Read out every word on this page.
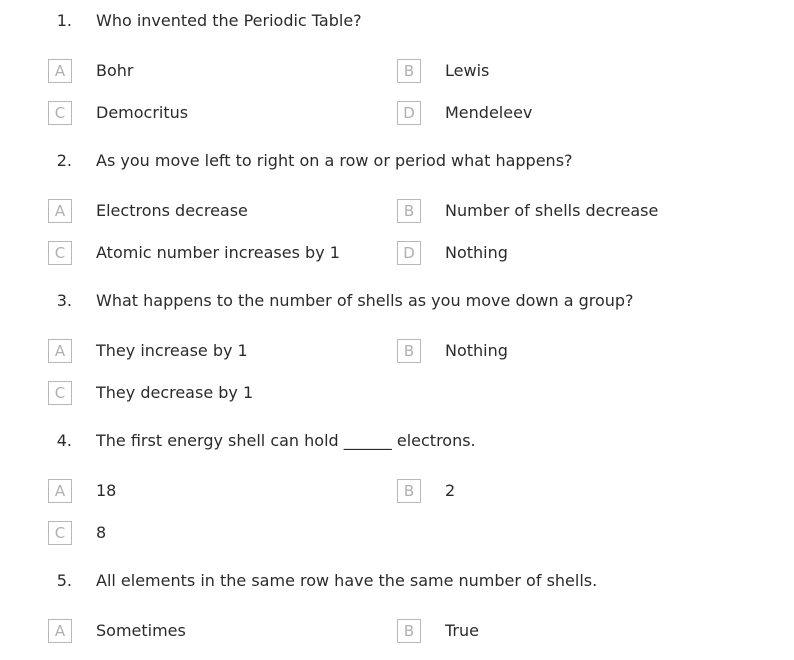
1. Who invented the Periodic Table?
A	Bohr	B	Lewis
C	Democritus	D	Mendeleev
2. As you move left to right on a row or period what happens?
A	Electrons decrease	B	Number of shells decrease
C	Atomic number increases by 1	D	Nothing
3. What happens to the number of shells as you move down a group?
A	They increase by 1	B	Nothing
C	They decrease by 1
4. The first energy shell can hold ______ electrons.
A	18	B	2
C	8
5. All elements in the same row have the same number of shells.
A	Sometimes	B	True
